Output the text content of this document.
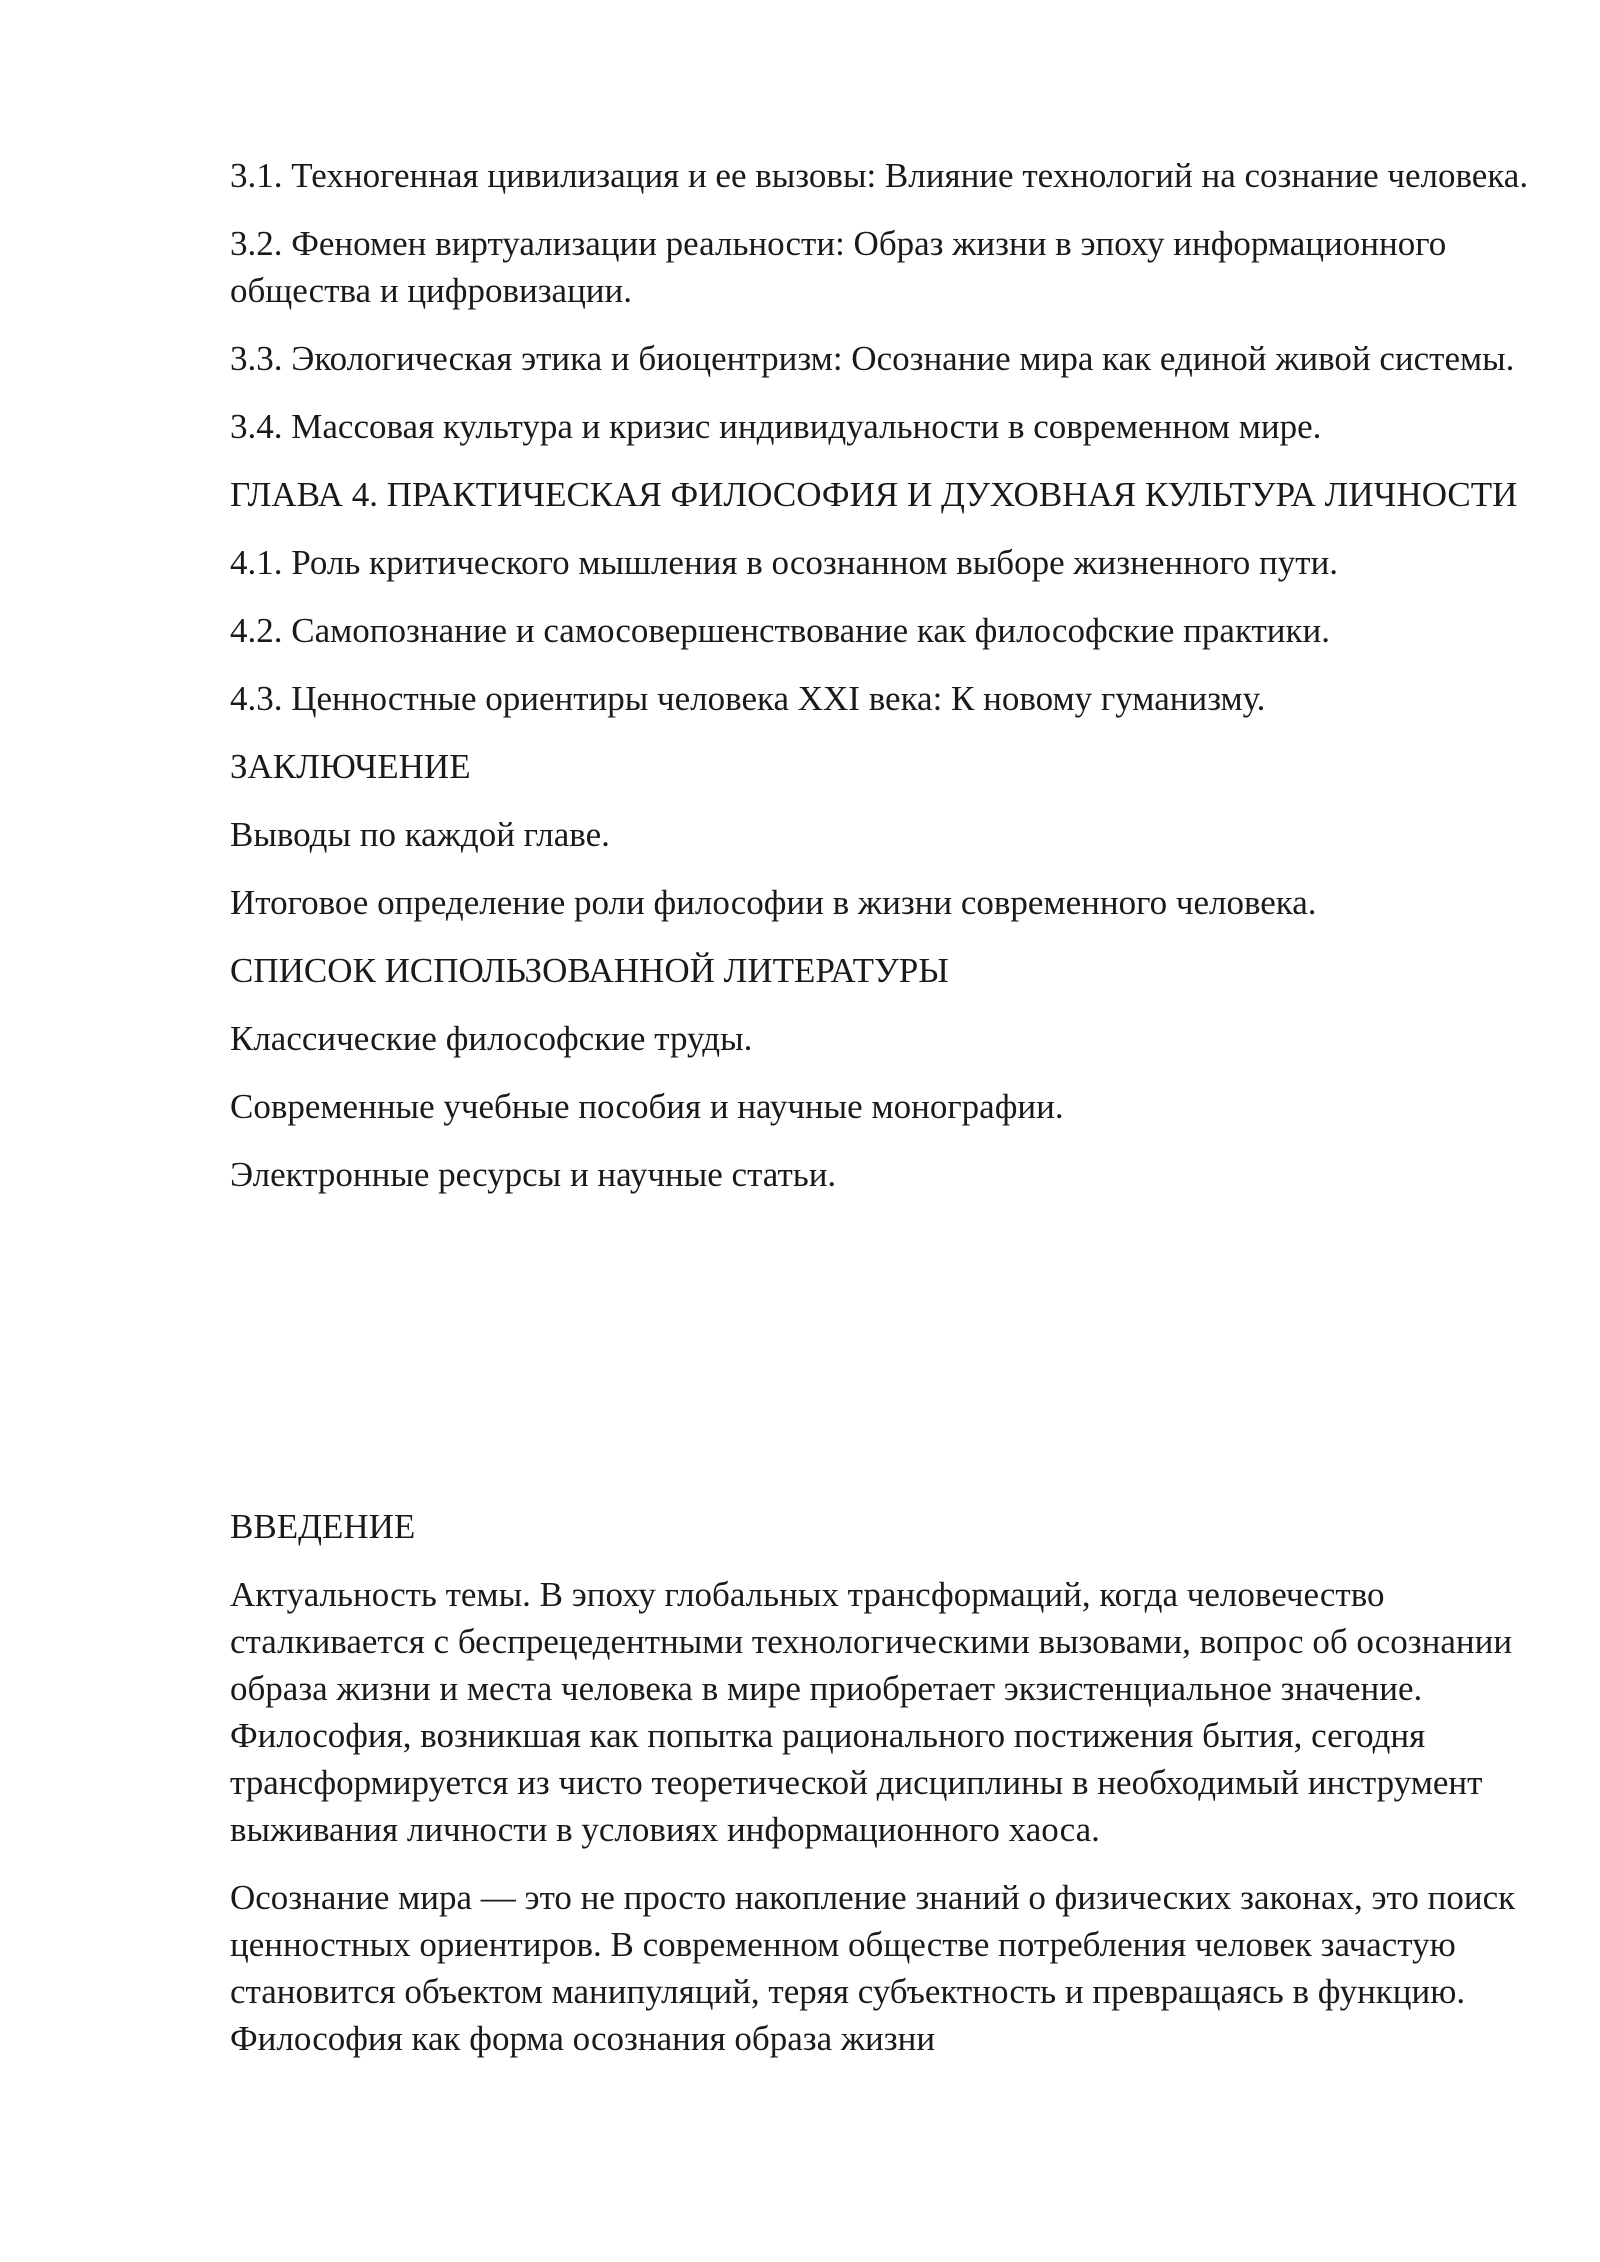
3.1. Техногенная цивилизация и ее вызовы: Влияние технологий на сознание человека.

3.2. Феномен виртуализации реальности: Образ жизни в эпоху информационного общества и цифровизации.

3.3. Экологическая этика и биоцентризм: Осознание мира как единой живой системы.

3.4. Массовая культура и кризис индивидуальности в современном мире.

ГЛАВА 4. ПРАКТИЧЕСКАЯ ФИЛОСОФИЯ И ДУХОВНАЯ КУЛЬТУРА ЛИЧНОСТИ

4.1. Роль критического мышления в осознанном выборе жизненного пути.

4.2. Самопознание и самосовершенствование как философские практики.

4.3. Ценностные ориентиры человека XXI века: К новому гуманизму.

ЗАКЛЮЧЕНИЕ

Выводы по каждой главе.

Итоговое определение роли философии в жизни современного человека.

СПИСОК ИСПОЛЬЗОВАННОЙ ЛИТЕРАТУРЫ

Классические философские труды.

Современные учебные пособия и научные монографии.

Электронные ресурсы и научные статьи.

ВВЕДЕНИЕ

Актуальность темы. В эпоху глобальных трансформаций, когда человечество сталкивается с беспрецедентными технологическими вызовами, вопрос об осознании образа жизни и места человека в мире приобретает экзистенциальное значение. Философия, возникшая как попытка рационального постижения бытия, сегодня трансформируется из чисто теоретической дисциплины в необходимый инструмент выживания личности в условиях информационного хаоса.

Осознание мира — это не просто накопление знаний о физических законах, это поиск ценностных ориентиров. В современном обществе потребления человек зачастую становится объектом манипуляций, теряя субъектность и превращаясь в функцию. Философия как форма осознания образа жизни
